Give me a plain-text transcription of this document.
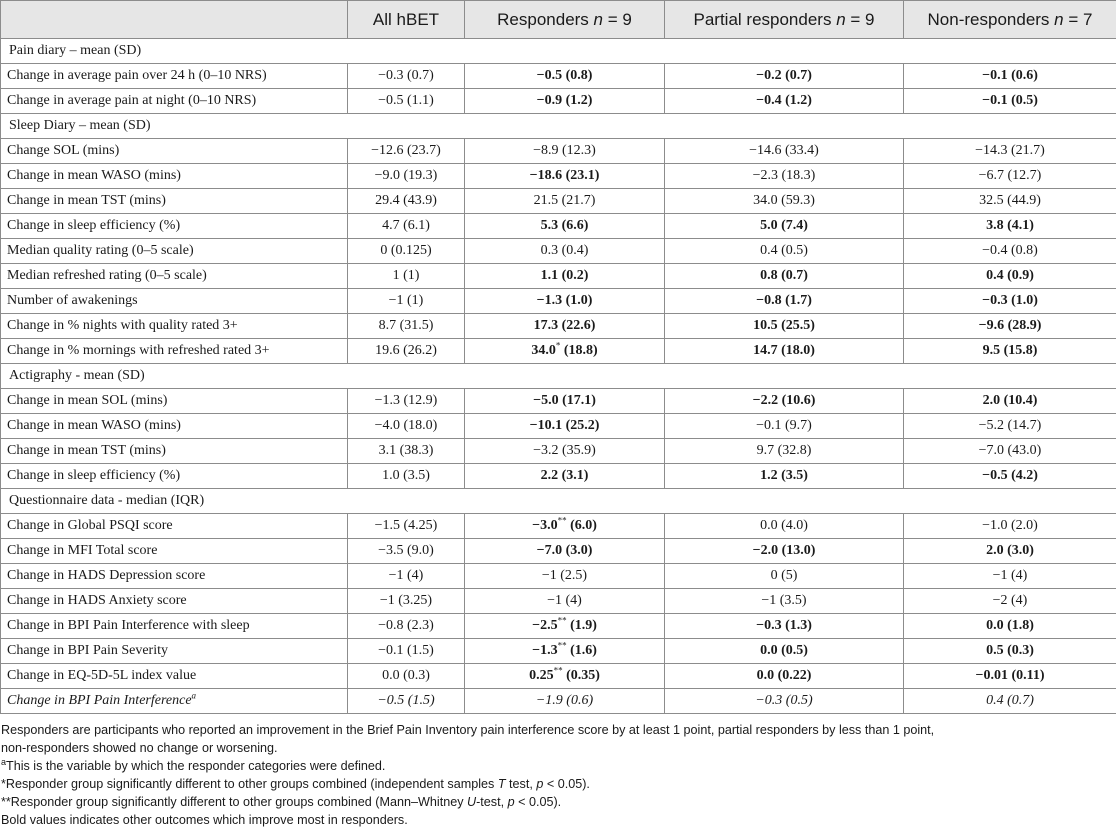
	All hBET	Responders n = 9	Partial responders n = 9	Non-responders n = 7
Pain diary – mean (SD)				
Change in average pain over 24 h (0–10 NRS)	−0.3 (0.7)	−0.5 (0.8)	−0.2 (0.7)	−0.1 (0.6)
Change in average pain at night (0–10 NRS)	−0.5 (1.1)	−0.9 (1.2)	−0.4 (1.2)	−0.1 (0.5)
Sleep Diary – mean (SD)				
Change SOL (mins)	−12.6 (23.7)	−8.9 (12.3)	−14.6 (33.4)	−14.3 (21.7)
Change in mean WASO (mins)	−9.0 (19.3)	−18.6 (23.1)	−2.3 (18.3)	−6.7 (12.7)
Change in mean TST (mins)	29.4 (43.9)	21.5 (21.7)	34.0 (59.3)	32.5 (44.9)
Change in sleep efficiency (%)	4.7 (6.1)	5.3 (6.6)	5.0 (7.4)	3.8 (4.1)
Median quality rating (0–5 scale)	0 (0.125)	0.3 (0.4)	0.4 (0.5)	−0.4 (0.8)
Median refreshed rating (0–5 scale)	1 (1)	1.1 (0.2)	0.8 (0.7)	0.4 (0.9)
Number of awakenings	−1 (1)	−1.3 (1.0)	−0.8 (1.7)	−0.3 (1.0)
Change in % nights with quality rated 3+	8.7 (31.5)	17.3 (22.6)	10.5 (25.5)	−9.6 (28.9)
Change in % mornings with refreshed rated 3+	19.6 (26.2)	34.0* (18.8)	14.7 (18.0)	9.5 (15.8)
Actigraphy - mean (SD)				
Change in mean SOL (mins)	−1.3 (12.9)	−5.0 (17.1)	−2.2 (10.6)	2.0 (10.4)
Change in mean WASO (mins)	−4.0 (18.0)	−10.1 (25.2)	−0.1 (9.7)	−5.2 (14.7)
Change in mean TST (mins)	3.1 (38.3)	−3.2 (35.9)	9.7 (32.8)	−7.0 (43.0)
Change in sleep efficiency (%)	1.0 (3.5)	2.2 (3.1)	1.2 (3.5)	−0.5 (4.2)
Questionnaire data - median (IQR)				
Change in Global PSQI score	−1.5 (4.25)	−3.0** (6.0)	0.0 (4.0)	−1.0 (2.0)
Change in MFI Total score	−3.5 (9.0)	−7.0 (3.0)	−2.0 (13.0)	2.0 (3.0)
Change in HADS Depression score	−1 (4)	−1 (2.5)	0 (5)	−1 (4)
Change in HADS Anxiety score	−1 (3.25)	−1 (4)	−1 (3.5)	−2 (4)
Change in BPI Pain Interference with sleep	−0.8 (2.3)	−2.5** (1.9)	−0.3 (1.3)	0.0 (1.8)
Change in BPI Pain Severity	−0.1 (1.5)	−1.3** (1.6)	0.0 (0.5)	0.5 (0.3)
Change in EQ-5D-5L index value	0.0 (0.3)	0.25** (0.35)	0.0 (0.22)	−0.01 (0.11)
Change in BPI Pain Interference$^a$	−0.5 (1.5)	−1.9 (0.6)	−0.3 (0.5)	0.4 (0.7)

Responders are participants who reported an improvement in the Brief Pain Inventory pain interference score by at least 1 point, partial responders by less than 1 point,

non-responders showed no change or worsening.

$^a$This is the variable by which the responder categories were defined.

*Responder group significantly different to other groups combined (independent samples T test, p < 0.05).

**Responder group significantly different to other groups combined (Mann–Whitney U-test, p < 0.05).

Bold values indicates other outcomes which improve most in responders.
